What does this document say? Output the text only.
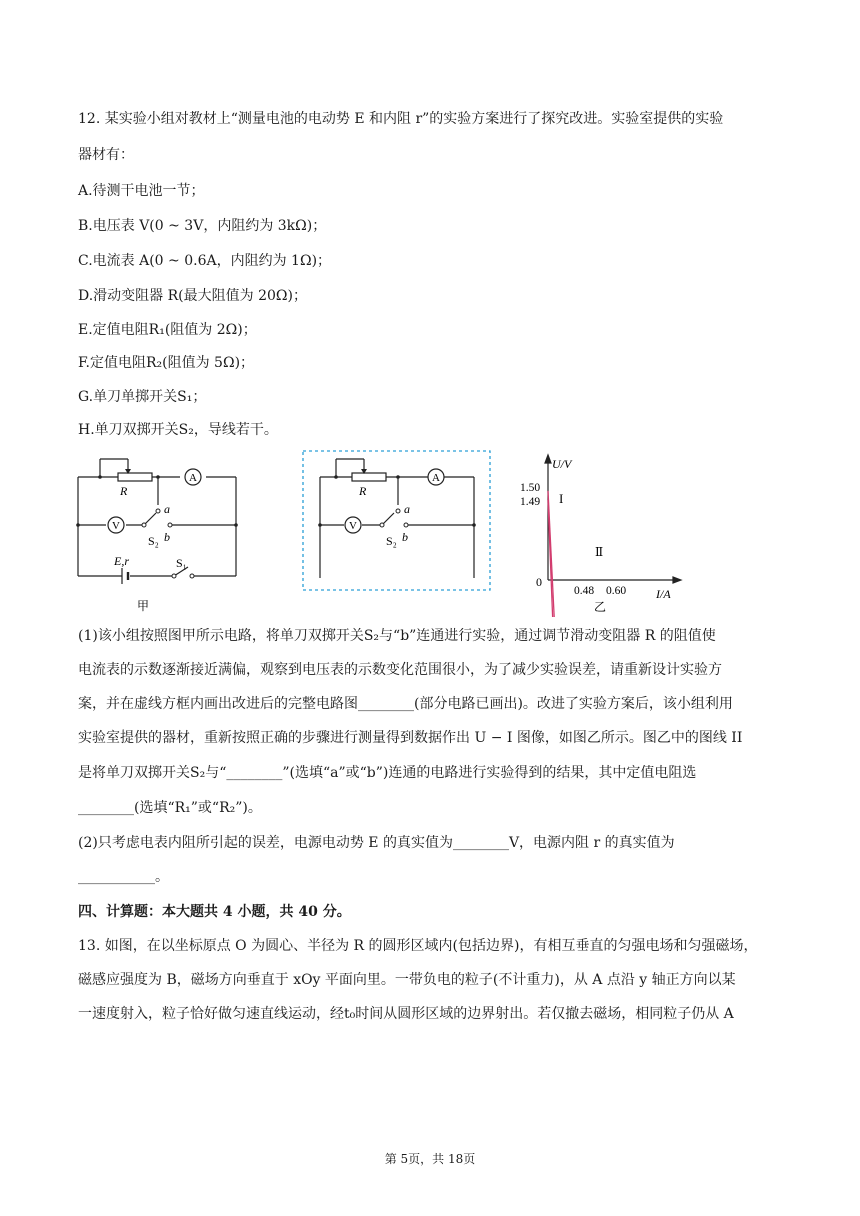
12. 某实验小组对教材上“测量电池的电动势 E 和内阻 r”的实验方案进行了探究改进。实验室提供的实验
器材有：
A.待测干电池一节；
B.电压表 V(0 ~ 3V，内阻约为 3kΩ)；
C.电流表 A(0 ~ 0.6A，内阻约为 1Ω)；
D.滑动变阻器 R(最大阻值为 20Ω)；
E.定值电阻R₁(阻值为 2Ω)；
F.定值电阻R₂(阻值为 5Ω)；
G.单刀单掷开关S₁；
H.单刀双掷开关S₂，导线若干。
A
V
R
a
b
S₂
E,r	S₁
甲
A
V
R
a
b
S₂
U/V
I/A
0
1.50
1.49
0.48 0.60
I
Ⅱ
乙
(1)该小组按照图甲所示电路，将单刀双掷开关S₂与“b”连通进行实验，通过调节滑动变阻器 R 的阻值使
电流表的示数逐渐接近满偏，观察到电压表的示数变化范围很小，为了减少实验误差，请重新设计实验方
案，并在虚线方框内画出改进后的完整电路图________(部分电路已画出)。改进了实验方案后，该小组利用
实验室提供的器材，重新按照正确的步骤进行测量得到数据作出 U − I 图像，如图乙所示。图乙中的图线 II
是将单刀双掷开关S₂与“________”(选填“a”或“b”)连通的电路进行实验得到的结果，其中定值电阻选
________(选填“R₁”或“R₂”)。
(2)只考虑电表内阻所引起的误差，电源电动势 E 的真实值为________V，电源内阻 r 的真实值为
___________。
四、计算题：本大题共 4 小题，共 40 分。
13. 如图，在以坐标原点 O 为圆心、半径为 R 的圆形区域内(包括边界)，有相互垂直的匀强电场和匀强磁场，
磁感应强度为 B，磁场方向垂直于 xOy 平面向里。一带负电的粒子(不计重力)，从 A 点沿 y 轴正方向以某
一速度射入，粒子恰好做匀速直线运动，经t₀时间从圆形区域的边界射出。若仅撤去磁场，相同粒子仍从 A
第 5页，共 18页
